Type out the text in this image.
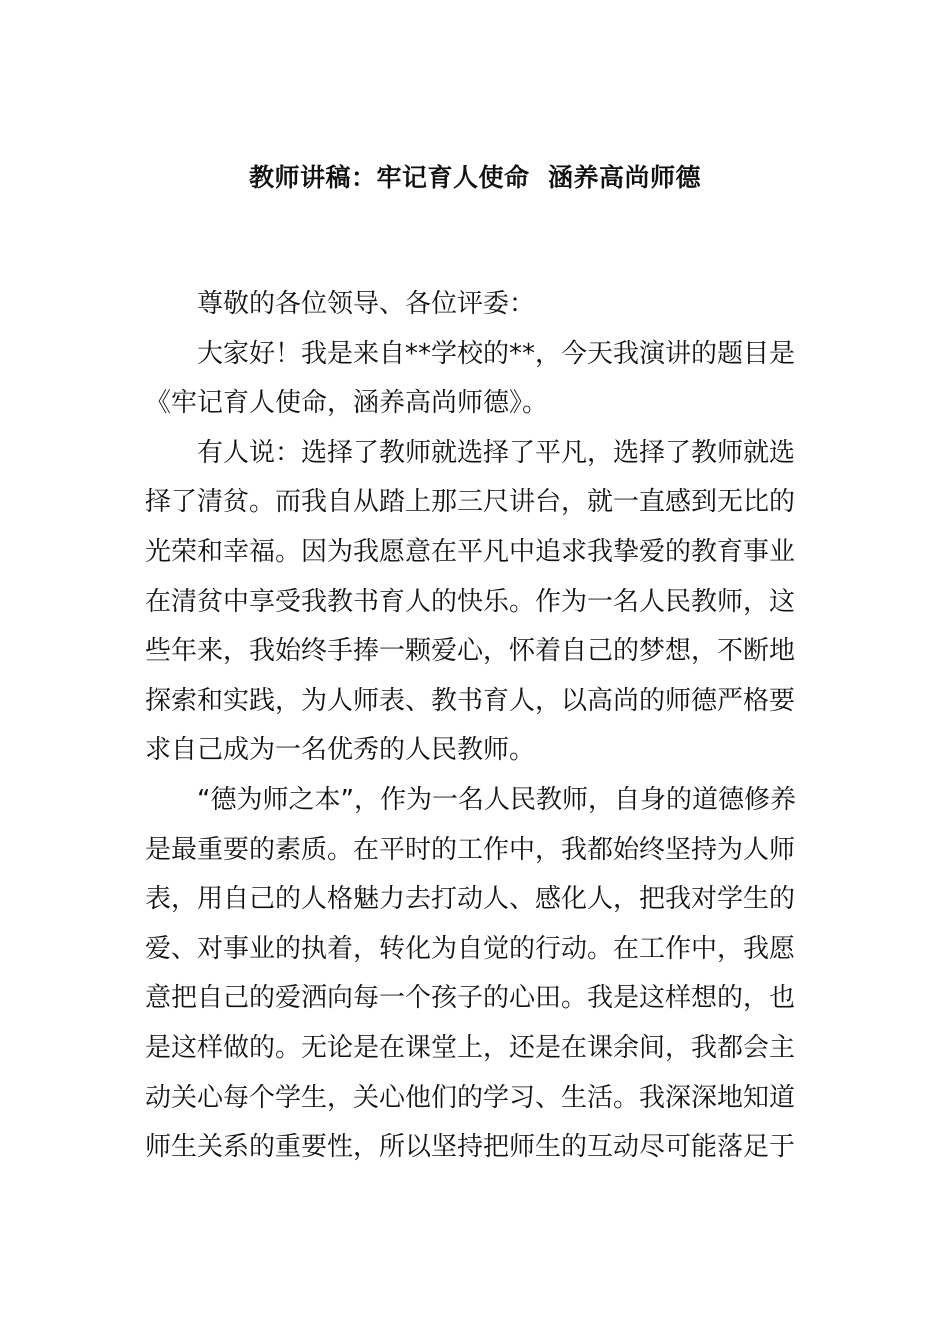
教师讲稿：牢记育人使命  涵养高尚师德
尊敬的各位领导、各位评委：
大家好！我是来自**学校的**，今天我演讲的题目是
《牢记育人使命，涵养高尚师德》。
有人说：选择了教师就选择了平凡，选择了教师就选
择了清贫。而我自从踏上那三尺讲台，就一直感到无比的
光荣和幸福。因为我愿意在平凡中追求我挚爱的教育事业
在清贫中享受我教书育人的快乐。作为一名人民教师，这
些年来，我始终手捧一颗爱心，怀着自己的梦想，不断地
探索和实践，为人师表、教书育人，以高尚的师德严格要
求自己成为一名优秀的人民教师。
“德为师之本”，作为一名人民教师，自身的道德修养
是最重要的素质。在平时的工作中，我都始终坚持为人师
表，用自己的人格魅力去打动人、感化人，把我对学生的
爱、对事业的执着，转化为自觉的行动。在工作中，我愿
意把自己的爱洒向每一个孩子的心田。我是这样想的，也
是这样做的。无论是在课堂上，还是在课余间，我都会主
动关心每个学生，关心他们的学习、生活。我深深地知道
师生关系的重要性，所以坚持把师生的互动尽可能落足于
